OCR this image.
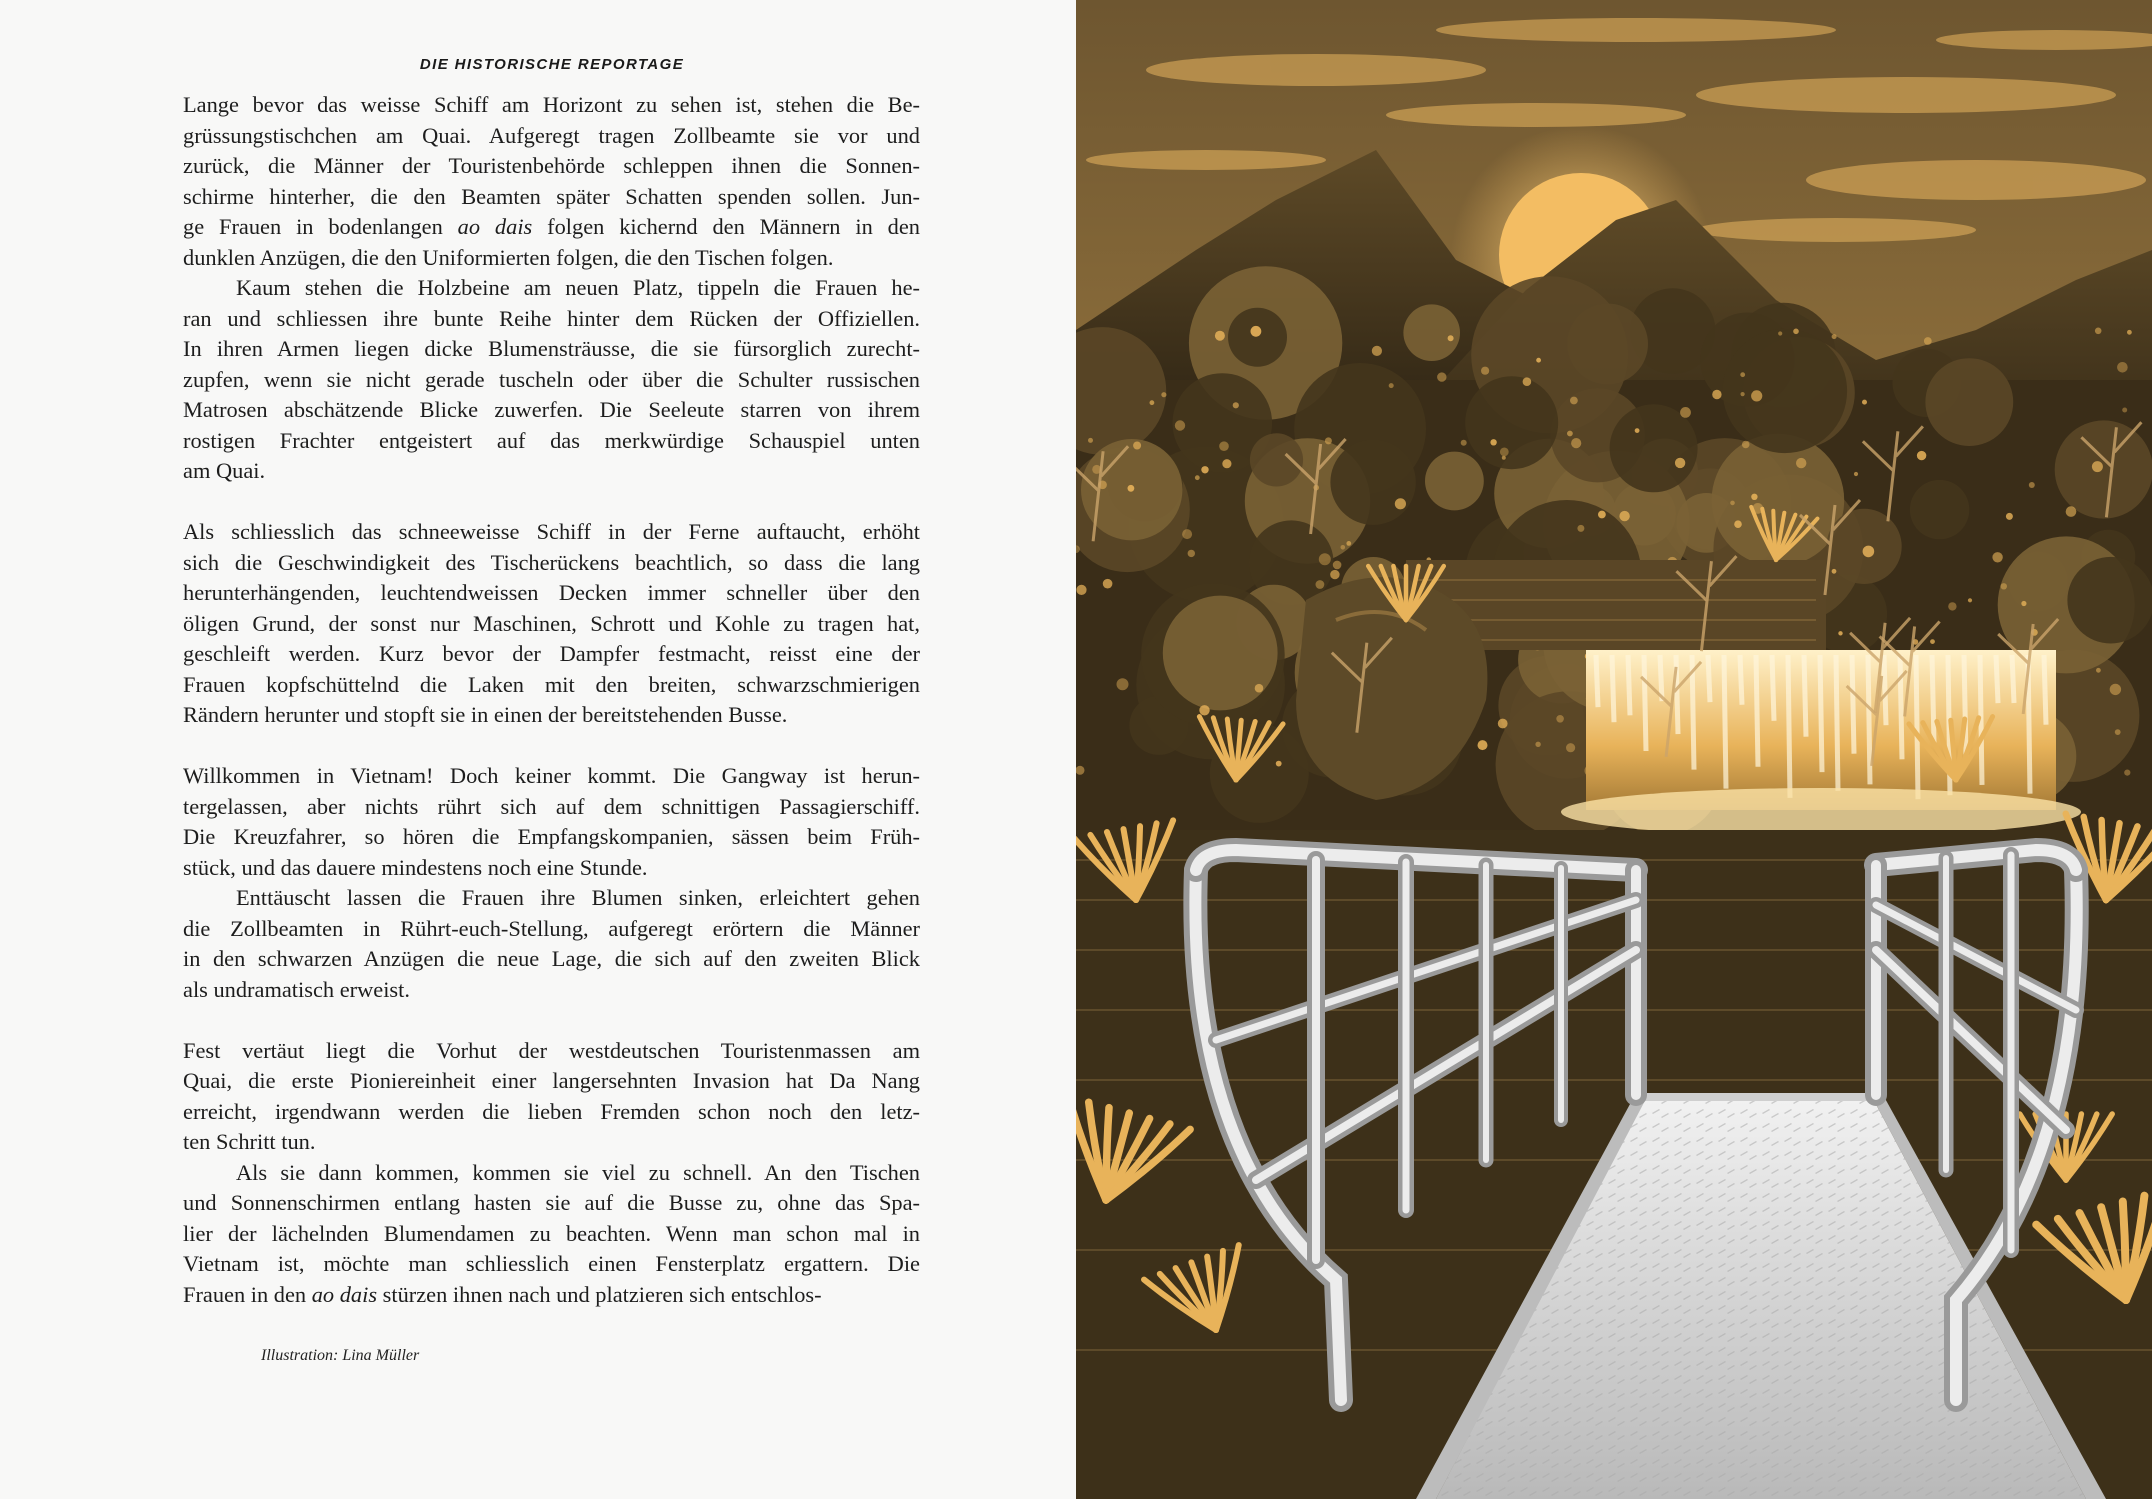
DIE HISTORISCHE REPORTAGE

Lange bevor das weisse Schiff am Horizont zu sehen ist, stehen die Be-

grüssungstischchen am Quai. Aufgeregt tragen Zollbeamte sie vor und

zurück, die Männer der Touristenbehörde schleppen ihnen die Sonnen-

schirme hinterher, die den Beamten später Schatten spenden sollen. Jun-

ge Frauen in bodenlangen ao dais folgen kichernd den Männern in den

dunklen Anzügen, die den Uniformierten folgen, die den Tischen folgen.

Kaum stehen die Holzbeine am neuen Platz, tippeln die Frauen he-

ran und schliessen ihre bunte Reihe hinter dem Rücken der Offiziellen.

In ihren Armen liegen dicke Blumensträusse, die sie fürsorglich zurecht-

zupfen, wenn sie nicht gerade tuscheln oder über die Schulter russischen

Matrosen abschätzende Blicke zuwerfen. Die Seeleute starren von ihrem

rostigen Frachter entgeistert auf das merkwürdige Schauspiel unten

am Quai.

Als schliesslich das schneeweisse Schiff in der Ferne auftaucht, erhöht

sich die Geschwindigkeit des Tischerückens beachtlich, so dass die lang

herunterhängenden, leuchtendweissen Decken immer schneller über den

öligen Grund, der sonst nur Maschinen, Schrott und Kohle zu tragen hat,

geschleift werden. Kurz bevor der Dampfer festmacht, reisst eine der

Frauen kopfschüttelnd die Laken mit den breiten, schwarzschmierigen

Rändern herunter und stopft sie in einen der bereitstehenden Busse.

Willkommen in Vietnam! Doch keiner kommt. Die Gangway ist herun-

tergelassen, aber nichts rührt sich auf dem schnittigen Passagierschiff.

Die Kreuzfahrer, so hören die Empfangskompanien, sässen beim Früh-

stück, und das dauere mindestens noch eine Stunde.

Enttäuscht lassen die Frauen ihre Blumen sinken, erleichtert gehen

die Zollbeamten in Rührt-euch-Stellung, aufgeregt erörtern die Männer

in den schwarzen Anzügen die neue Lage, die sich auf den zweiten Blick

als undramatisch erweist.

Fest vertäut liegt die Vorhut der westdeutschen Touristenmassen am

Quai, die erste Pioniereinheit einer langersehnten Invasion hat Da Nang

erreicht, irgendwann werden die lieben Fremden schon noch den letz-

ten Schritt tun.

Als sie dann kommen, kommen sie viel zu schnell. An den Tischen

und Sonnenschirmen entlang hasten sie auf die Busse zu, ohne das Spa-

lier der lächelnden Blumendamen zu beachten. Wenn man schon mal in

Vietnam ist, möchte man schliesslich einen Fensterplatz ergattern. Die

Frauen in den ao dais stürzen ihnen nach und platzieren sich entschlos-

Illustration: Lina Müller
